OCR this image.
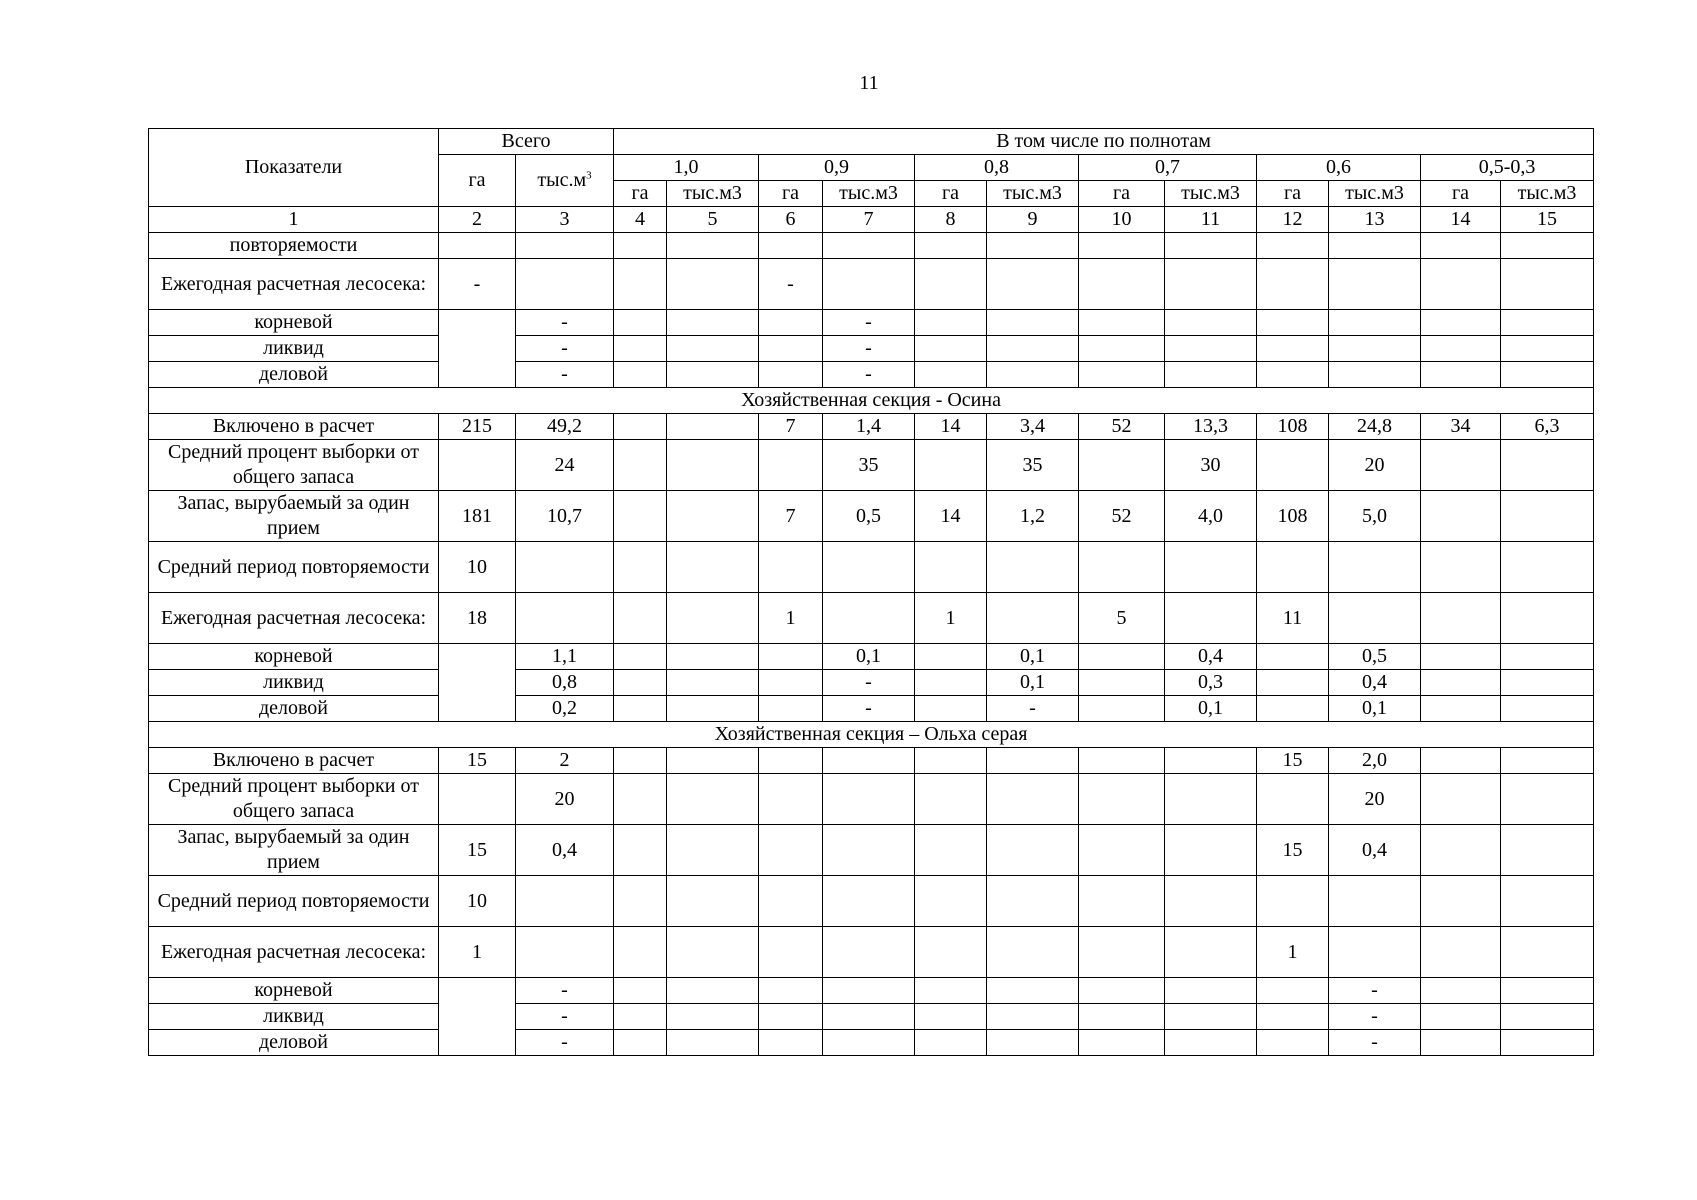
11
Показатели	Всего		В том числе по полнотам											
	га	$тыс.м^3$	1,0		0,9		0,8		0,7		0,6		0,5-0,3	
			га	тыс.м3	га	тыс.м3	га	тыс.м3	га	тыс.м3	га	тыс.м3	га	тыс.м3
1	2	3	4	5	6	7	8	9	10	11	12	13	14	15
повторяемости														
Ежегодная расчетная лесосека:	-				-									
корневой		-				-								
ликвид		-				-								
деловой		-				-								
Хозяйственная секция - Осина														
Включено в расчет	215	49,2			7	1,4	14	3,4	52	13,3	108	24,8	34	6,3
Средний процент выборки от общего запаса		24				35		35		30		20		
Запас, вырубаемый за один прием	181	10,7			7	0,5	14	1,2	52	4,0	108	5,0		
Средний период повторяемости	10													
Ежегодная расчетная лесосека:	18				1		1		5		11			
корневой		1,1				0,1		0,1		0,4		0,5		
ликвид		0,8				-		0,1		0,3		0,4		
деловой		0,2				-		-		0,1		0,1		
Хозяйственная секция – Ольха серая														
Включено в расчет	15	2									15	2,0		
Средний процент выборки от общего запаса		20										20		
Запас, вырубаемый за один прием	15	0,4									15	0,4		
Средний период повторяемости	10													
Ежегодная расчетная лесосека:	1										1			
корневой		-										-		
ликвид		-										-		
деловой		-										-		
